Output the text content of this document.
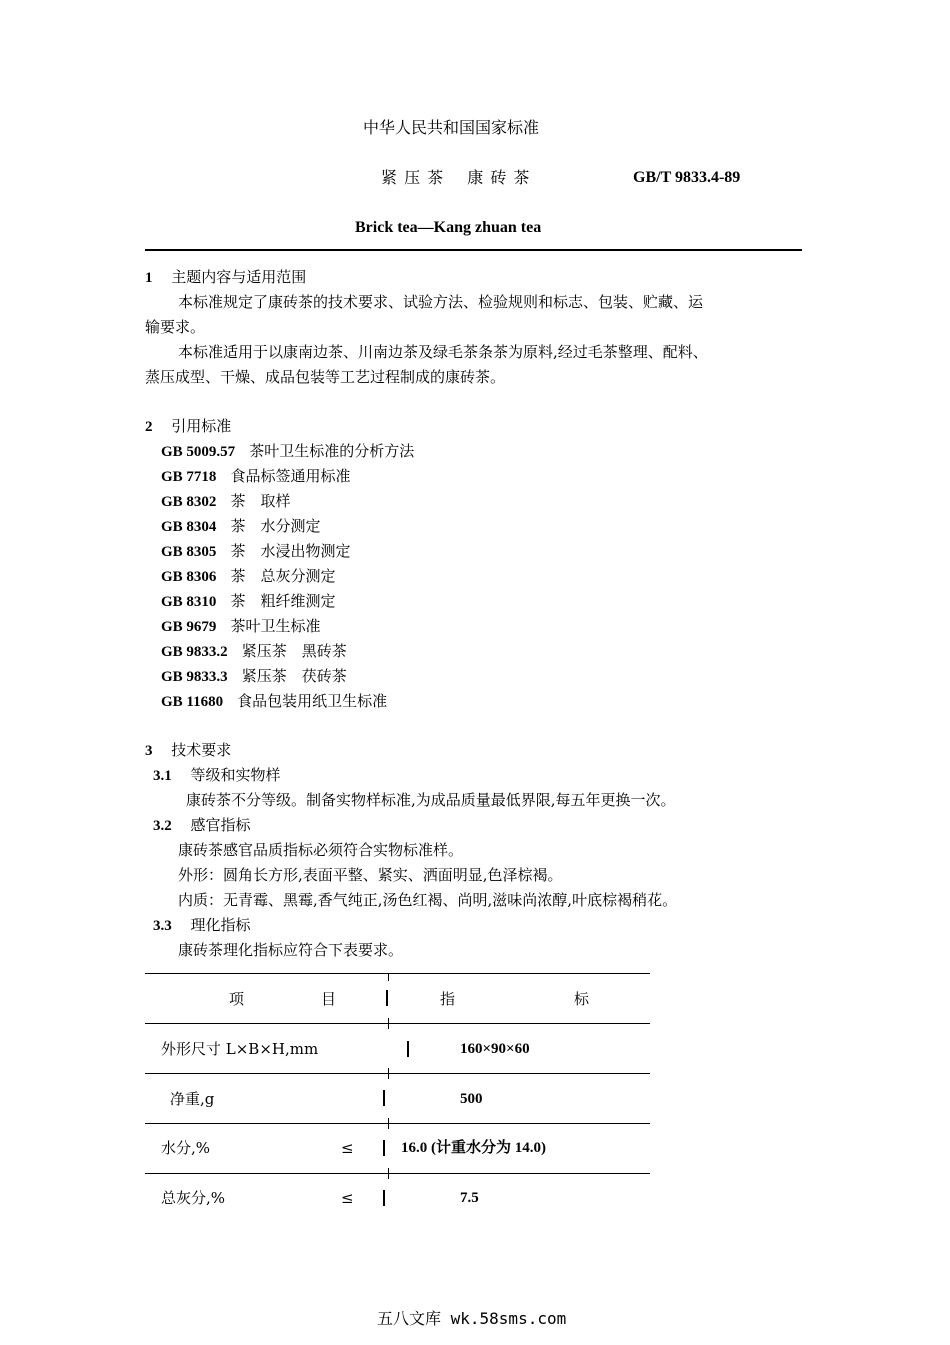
中华人民共和国国家标准
紧 压 茶　 康 砖 茶	GB/T 9833.4-89
Brick tea—Kang zhuan tea
1 主题内容与适用范围
本标准规定了康砖茶的技术要求、试验方法、检验规则和标志、包装、贮藏、运
输要求。
本标准适用于以康南边茶、川南边茶及绿毛茶条茶为原料,经过毛茶整理、配料、
蒸压成型、干燥、成品包装等工艺过程制成的康砖茶。
2 引用标准
GB 5009.57 茶叶卫生标准的分析方法
GB 7718 食品标签通用标准
GB 8302 茶　取样
GB 8304 茶　水分测定
GB 8305 茶　水浸出物测定
GB 8306 茶　总灰分测定
GB 8310 茶　粗纤维测定
GB 9679 茶叶卫生标准
GB 9833.2 紧压茶　黑砖茶
GB 9833.3 紧压茶　茯砖茶
GB 11680 食品包装用纸卫生标准
3 技术要求
3.1 等级和实物样
康砖茶不分等级。制备实物样标准,为成品质量最低界限,每五年更换一次。
3.2 感官指标
康砖茶感官品质指标必须符合实物标准样。
外形：圆角长方形,表面平整、紧实、洒面明显,色泽棕褐。
内质：无青霉、黑霉,香气纯正,汤色红褐、尚明,滋味尚浓醇,叶底棕褐稍花。
3.3 理化指标
康砖茶理化指标应符合下表要求。
项	目	指	标
外形尺寸 L×B×H,mm	160×90×60
净重,g	500
水分,%	≤	16.0 (计重水分为 14.0)
总灰分,%	≤	7.5
五八文库 wk.58sms.com
